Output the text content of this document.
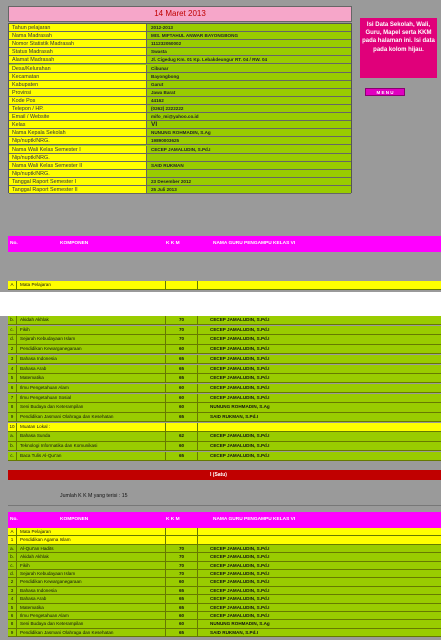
14 Maret 2013
Tahun pelajaran	2012-2013
Nama Madrasah	MIS. MIFTAHUL ANWAR BAYONGBONG
Nomor Statistik Madrasah	111232050002
Status Madrasah	Swasta
Alamat Madrasah	Jl. Cigedug Km. 01 Kp. Lebakdeungur RT. 04 / RW. 04
Desa/Kelurahan	Cibunar
Kecamatan	Bayongbong
Kabupaten	Garut
Provinsi	Jawa Barat
Kode Pos	44162
Telepon / HP.	(0262) 2222222
Email / Website	mifo_mi@yahoo.co.id
Kelas	VI
Nama Kepala Sekolah	NUNUNG ROHMADIN, S.Ag
Nip/nuptk/NRG.	19890003625
Nama Wali Kelas Semester I	CECEP JAMALUDIN, S.Pd.I
Nip/nuptk/NRG.
Nama Wali Kelas Semester II	SAID RUKMAN
Nip/nuptk/NRG.
Tanggal Raport Semester I	23 Desember 2012
Tanggal Raport Semester II	25 Juli 2013
Isi Data Sekolah, Wali, Guru, Mapel serta KKM pada halaman ini. Isi data pada kolom hijau.
M E N U
No.	KOMPONEN	K K M	NAMA GURU PENGAMPU KELAS VI
A	Mata Pelajaran
b.	Akidah Akhlak	70	CECEP JAMALUDIN, S.Pd.I
c.	Fikih	70	CECEP JAMALUDIN, S.Pd.I
d.	Sejarah Kebudayaan Islam	70	CECEP JAMALUDIN, S.Pd.I
2	Pendidikan Kewarganegaraan	60	CECEP JAMALUDIN, S.Pd.I
3	Bahasa Indonesia	65	CECEP JAMALUDIN, S.Pd.I
4	Bahasa Arab	65	CECEP JAMALUDIN, S.Pd.I
5	Matematika	65	CECEP JAMALUDIN, S.Pd.I
6	Ilmu Pengetahuan Alam	60	CECEP JAMALUDIN, S.Pd.I
7	Ilmu Pengetahuan Sosial	60	CECEP JAMALUDIN, S.Pd.I
8	Seni Budaya dan Keterampilan	60	NUNUNG ROHMADIN, S.Ag
9	Pendidikan Jasmani Olahraga dan Kesehatan	65	SAID RUKMAN, S.Pd.I
10	Muatan Lokal :
a.	Bahasa Sunda	62	CECEP JAMALUDIN, S.Pd.I
b.	Teknologi Informatika dan Komunikasi	60	CECEP JAMALUDIN, S.Pd.I
c.	Baca Tulis Al-Qur'an	65	CECEP JAMALUDIN, S.Pd.I
I (Satu)
Jumlah K K M yang terisi : 15
No.	KOMPONEN	K K M	NAMA GURU PENGAMPU KELAS VI
A	Mata Pelajaran
1	Pendidikan Agama Islam
a.	Al-Qur'an Hadits	70	CECEP JAMALUDIN, S.Pd.I
b.	Akidah Akhlak	70	CECEP JAMALUDIN, S.Pd.I
c.	Fikih	70	CECEP JAMALUDIN, S.Pd.I
d.	Sejarah Kebudayaan Islam	70	CECEP JAMALUDIN, S.Pd.I
2	Pendidikan Kewarganegaraan	60	CECEP JAMALUDIN, S.Pd.I
3	Bahasa Indonesia	65	CECEP JAMALUDIN, S.Pd.I
4	Bahasa Arab	65	CECEP JAMALUDIN, S.Pd.I
5	Matematika	65	CECEP JAMALUDIN, S.Pd.I
6	Ilmu Pengetahuan Alam	60	CECEP JAMALUDIN, S.Pd.I
8	Seni Budaya dan Keterampilan	60	NUNUNG ROHMADIN, S.Ag
9	Pendidikan Jasmani Olahraga dan Kesehatan	65	SAID RUKMAN, S.Pd.I
